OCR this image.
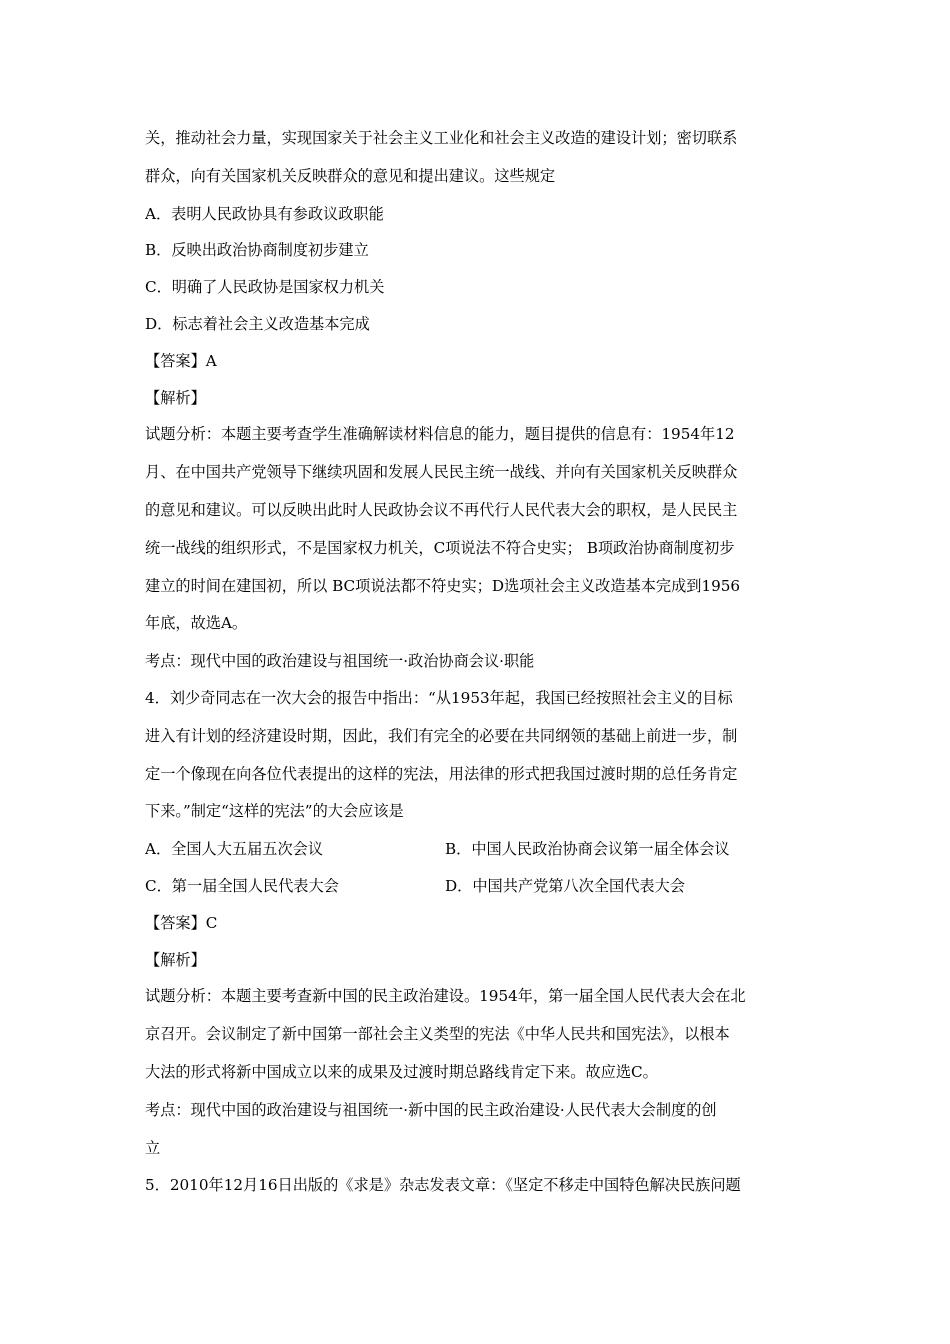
关，推动社会力量，实现国家关于社会主义工业化和社会主义改造的建设计划；密切联系

群众，向有关国家机关反映群众的意见和提出建议。这些规定

A．表明人民政协具有参政议政职能

B．反映出政治协商制度初步建立

C．明确了人民政协是国家权力机关

D．标志着社会主义改造基本完成

【答案】A

【解析】

试题分析：本题主要考查学生准确解读材料信息的能力，题目提供的信息有：1954年12

月、在中国共产党领导下继续巩固和发展人民民主统一战线、并向有关国家机关反映群众

的意见和建议。可以反映出此时人民政协会议不再代行人民代表大会的职权，是人民民主

统一战线的组织形式，不是国家权力机关，C项说法不符合史实； B项政治协商制度初步

建立的时间在建国初，所以 BC项说法都不符史实；D选项社会主义改造基本完成到1956

年底，故选A。

考点：现代中国的政治建设与祖国统一·政治协商会议·职能

4．刘少奇同志在一次大会的报告中指出：“从1953年起，我国已经按照社会主义的目标

进入有计划的经济建设时期，因此，我们有完全的必要在共同纲领的基础上前进一步，制

定一个像现在向各位代表提出的这样的宪法，用法律的形式把我国过渡时期的总任务肯定

下来。”制定“这样的宪法”的大会应该是

A．全国人大五届五次会议	B．中国人民政治协商会议第一届全体会议
C．第一届全国人民代表大会	D．中国共产党第八次全国代表大会

【答案】C

【解析】

试题分析：本题主要考查新中国的民主政治建设。1954年，第一届全国人民代表大会在北

京召开。会议制定了新中国第一部社会主义类型的宪法《中华人民共和国宪法》，以根本

大法的形式将新中国成立以来的成果及过渡时期总路线肯定下来。故应选C。

考点：现代中国的政治建设与祖国统一·新中国的民主政治建设·人民代表大会制度的创

立

5．2010年12月16日出版的《求是》杂志发表文章：《坚定不移走中国特色解决民族问题
